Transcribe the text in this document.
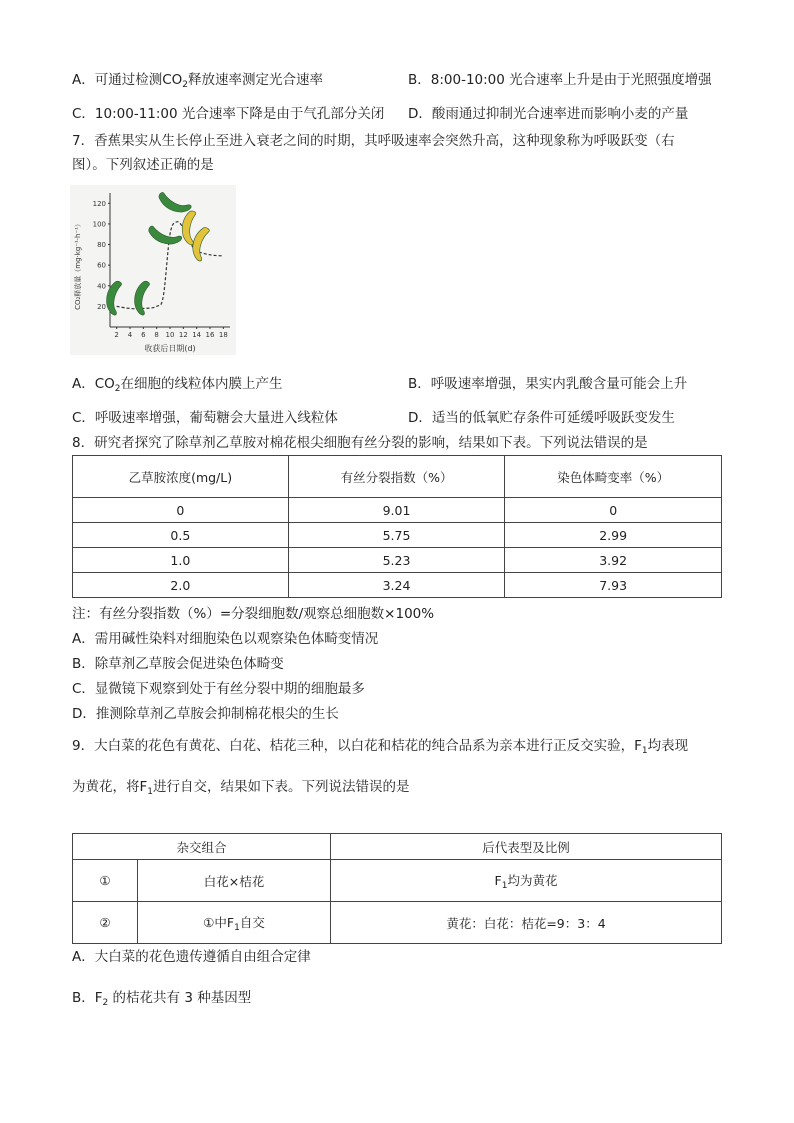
A．可通过检测$CO_2$释放速率测定光合速率	B．8:00-10:00 光合速率上升是由于光照强度增强
C．10:00-11:00 光合速率下降是由于气孔部分关闭 D．酸雨通过抑制光合速率进而影响小麦的产量
7．香蕉果实从生长停止至进入衰老之间的时期，其呼吸速率会突然升高，这种现象称为呼吸跃变（右
图）。下列叙述正确的是
20
40
60
80
100
120
2 4 6 8 10 12 14 16 18
CO₂释放量（mg·kg⁻¹·h⁻¹）
收获后日期(d)
A．$CO_2$在细胞的线粒体内膜上产生	B．呼吸速率增强，果实内乳酸含量可能会上升
C．呼吸速率增强，葡萄糖会大量进入线粒体	D．适当的低氧贮存条件可延缓呼吸跃变发生
8．研究者探究了除草剂乙草胺对棉花根尖细胞有丝分裂的影响，结果如下表。下列说法错误的是
乙草胺浓度(mg/L)	有丝分裂指数（%）	染色体畸变率（%）
0	9.01	0
0.5	5.75	2.99
1.0	5.23	3.92
2.0	3.24	7.93
注：有丝分裂指数（%）=分裂细胞数/观察总细胞数×100%
A．需用碱性染料对细胞染色以观察染色体畸变情况
B．除草剂乙草胺会促进染色体畸变
C．显微镜下观察到处于有丝分裂中期的细胞最多
D．推测除草剂乙草胺会抑制棉花根尖的生长
9．大白菜的花色有黄花、白花、桔花三种，以白花和桔花的纯合品系为亲本进行正反交实验，$F_1$均表现
为黄花，将$F_1$进行自交，结果如下表。下列说法错误的是
杂交组合		后代表型及比例
①	白花×桔花	$F_1$均为黄花
②	①中$F_1$自交	黄花：白花：桔花=9：3：4
A．大白菜的花色遗传遵循自由组合定律
B．$F_2$ 的桔花共有 3 种基因型
